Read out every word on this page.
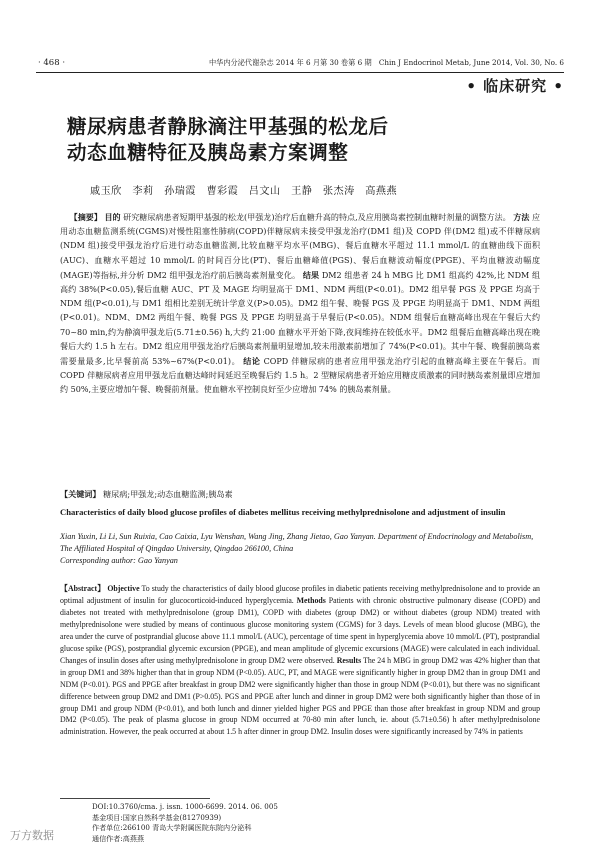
· 468 ·	中华内分泌代谢杂志 2014 年 6 月第 30 卷第 6 期　Chin J Endocrinol Metab, June 2014, Vol. 30, No. 6
• 临床研究 •
糖尿病患者静脉滴注甲基强的松龙后
动态血糖特征及胰岛素方案调整
戚玉欣　李莉　孙瑞霞　曹彩霞　吕文山　王静　张杰涛　高燕燕
【摘要】 目的 研究糖尿病患者短期甲基强的松龙(甲强龙)治疗后血糖升高的特点,及应用胰岛素控制血糖时剂量的调整方法。 方法 应用动态血糖监测系统(CGMS)对慢性阻塞性肺病(COPD)伴糖尿病未接受甲强龙治疗(DM1 组)及 COPD 伴(DM2 组)或不伴糖尿病(NDM 组)接受甲强龙治疗后进行动态血糖监测,比较血糖平均水平(MBG)、餐后血糖水平超过 11.1 mmol/L 的血糖曲线下面积(AUC)、血糖水平超过 10 mmol/L 的时间百分比(PT)、餐后血糖峰值(PGS)、餐后血糖波动幅度(PPGE)、平均血糖波动幅度(MAGE)等指标,并分析 DM2 组甲强龙治疗前后胰岛素剂量变化。 结果 DM2 组患者 24 h MBG 比 DM1 组高约 42%,比 NDM 组高约 38%(P<0.05),餐后血糖 AUC、PT 及 MAGE 均明显高于 DM1、NDM 两组(P<0.01)。DM2 组早餐 PGS 及 PPGE 均高于 NDM 组(P<0.01),与 DM1 组相比差别无统计学意义(P>0.05)。DM2 组午餐、晚餐 PGS 及 PPGE 均明显高于 DM1、NDM 两组(P<0.01)。NDM、DM2 两组午餐、晚餐 PGS 及 PPGE 均明显高于早餐后(P<0.05)。NDM 组餐后血糖高峰出现在午餐后大约 70~80 min,约为静滴甲强龙后(5.71±0.56) h,大约 21:00 血糖水平开始下降,夜间维持在较低水平。DM2 组餐后血糖高峰出现在晚餐后大约 1.5 h 左右。DM2 组应用甲强龙治疗后胰岛素剂量明显增加,较未用激素前增加了 74%(P<0.01)。其中午餐、晚餐前胰岛素需要量最多,比早餐前高 53%~67%(P<0.01)。 结论 COPD 伴糖尿病的患者应用甲强龙治疗引起的血糖高峰主要在午餐后。而 COPD 伴糖尿病者应用甲强龙后血糖达峰时间延迟至晚餐后约 1.5 h。2 型糖尿病患者开始应用糖皮质激素的同时胰岛素剂量即应增加约 50%,主要应增加午餐、晚餐前剂量。使血糖水平控制良好至少应增加 74% 的胰岛素剂量。
【关键词】 糖尿病;甲强龙;动态血糖监测;胰岛素
Characteristics of daily blood glucose profiles of diabetes mellitus receiving methylprednisolone and adjustment of insulin
Xian Yuxin, Li Li, Sun Ruixia, Cao Caixia, Lyu Wenshan, Wang Jing, Zhang Jietao, Gao Yanyan. Department of Endocrinology and Metabolism, The Affiliated Hospital of Qingdao University, Qingdao 266100, China
Corresponding author: Gao Yanyan
【Abstract】 Objective To study the characteristics of daily blood glucose profiles in diabetic patients receiving methylprednisolone and to provide an optimal adjustment of insulin for glucocorticoid-induced hyperglycemia. Methods Patients with chronic obstructive pulmonary disease (COPD) and diabetes not treated with methylprednisolone (group DM1), COPD with diabetes (group DM2) or without diabetes (group NDM) treated with methylprednisolone were studied by means of continuous glucose monitoring system (CGMS) for 3 days. Levels of mean blood glucose (MBG), the area under the curve of postprandial glucose above 11.1 mmol/L (AUC), percentage of time spent in hyperglycemia above 10 mmol/L (PT), postprandial glucose spike (PGS), postprandial glycemic excursion (PPGE), and mean amplitude of glycemic excursions (MAGE) were calculated in each individual. Changes of insulin doses after using methylprednisolone in group DM2 were observed. Results The 24 h MBG in group DM2 was 42% higher than that in group DM1 and 38% higher than that in group NDM (P<0.05). AUC, PT, and MAGE were significantly higher in group DM2 than in group DM1 and NDM (P<0.01). PGS and PPGE after breakfast in group DM2 were significantly higher than those in group NDM (P<0.01), but there was no significant difference between group DM2 and DM1 (P>0.05). PGS and PPGE after lunch and dinner in group DM2 were both significantly higher than those of in group DM1 and group NDM (P<0.01), and both lunch and dinner yielded higher PGS and PPGE than those after breakfast in group NDM and group DM2 (P<0.05). The peak of plasma glucose in group NDM occurred at 70-80 min after lunch, ie. about (5.71±0.56) h after methylprednisolone administration. However, the peak occurred at about 1.5 h after dinner in group DM2. Insulin doses were significantly increased by 74% in patients
DOI:10.3760/cma. j. issn. 1000-6699. 2014. 06. 005
基金项目:国家自然科学基金(81270939)
作者单位:266100 青岛大学附属医院东院内分泌科
通信作者:高燕燕
万方数据
